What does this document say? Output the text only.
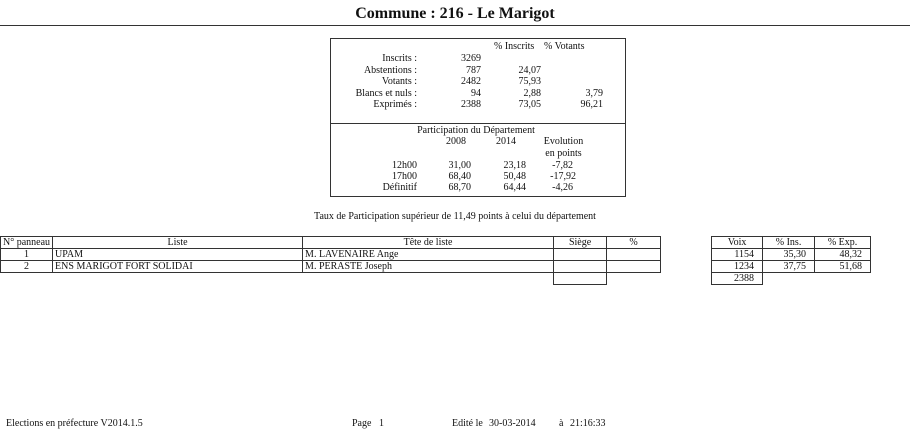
Commune : 216 - Le Marigot
% Inscrits % Votants
Inscrits :	3269
Abstentions :	787	24,07
Votants :	2482	75,93
Blancs et nuls :	94	2,88	3,79
Exprimés :	2388	73,05	96,21
Participation du Département
2008	2014	Evolution
en points
12h00	31,00	23,18	-7,82
17h00	68,40	50,48	-17,92
Définitif	68,70	64,44	-4,26
Taux de Participation supérieur de 11,49 points à celui du département
N° panneau	Liste	Tête de liste	Siège	%		Voix	% Ins.	% Exp.
1	UPAM	M. LAVENAIRE Ange				1154	35,30	48,32
2	ENS MARIGOT FORT SOLIDAI	M. PERASTE Joseph				1234	37,75	51,68
						2388		
Elections en préfecture V2014.1.5	Page 1	Edité le 30-03-2014 à 21:16:33
